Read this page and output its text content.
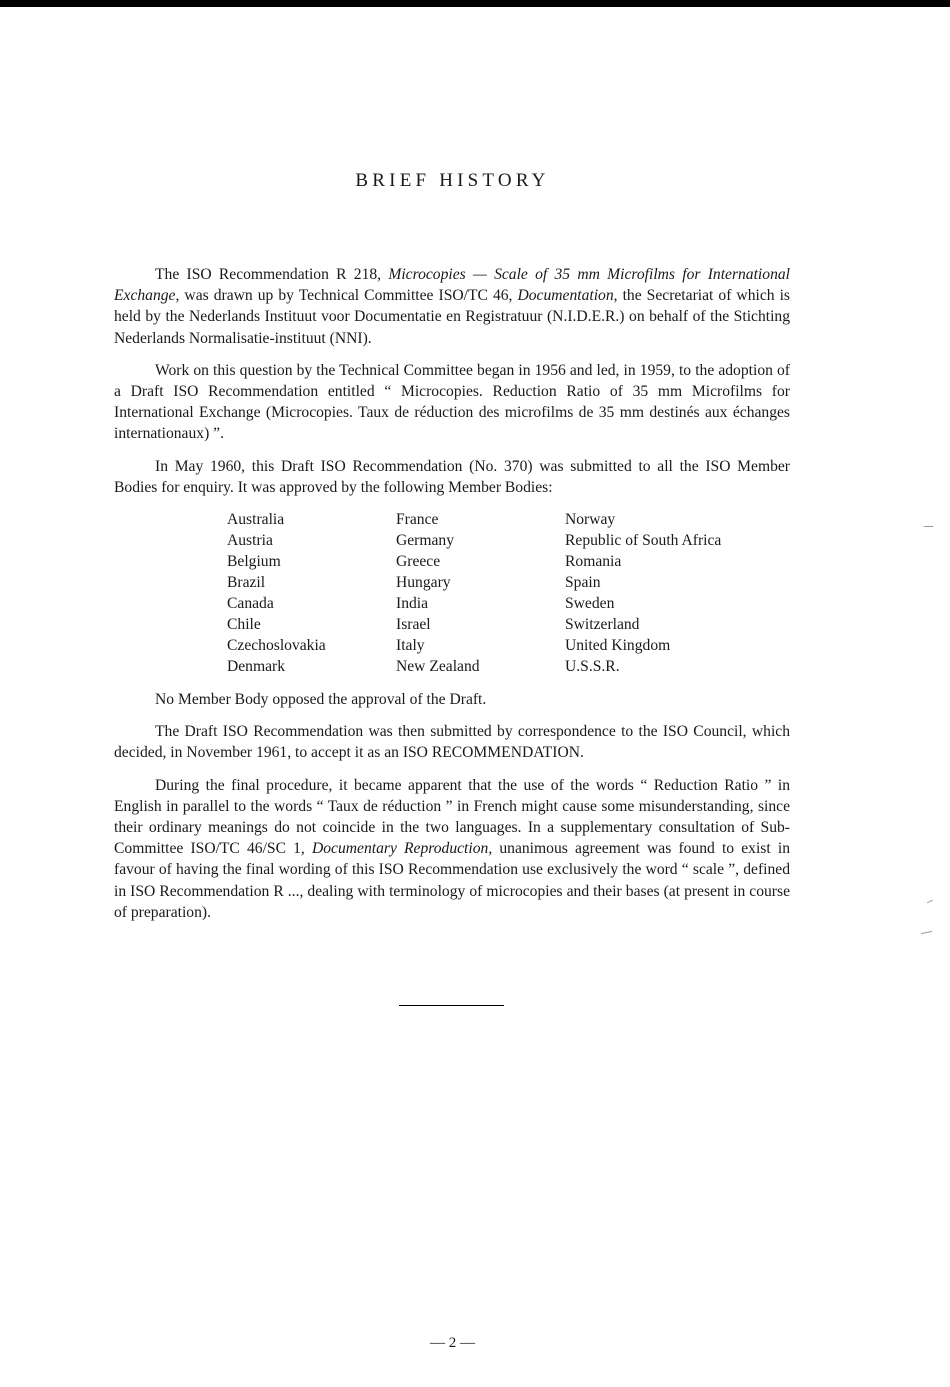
BRIEF HISTORY

The ISO Recommendation R 218, Microcopies — Scale of 35 mm Microfilms for International Exchange, was drawn up by Technical Committee ISO/TC 46, Documentation, the Secretariat of which is held by the Nederlands Instituut voor Documentatie en Registratuur (N.I.D.E.R.) on behalf of the Stichting Nederlands Normalisatie-instituut (NNI).

Work on this question by the Technical Committee began in 1956 and led, in 1959, to the adoption of a Draft ISO Recommendation entitled “ Microcopies. Reduction Ratio of 35 mm Microfilms for International Exchange (Microcopies. Taux de réduction des microfilms de 35 mm destinés aux échanges internationaux) ”.

In May 1960, this Draft ISO Recommendation (No. 370) was submitted to all the ISO Member Bodies for enquiry. It was approved by the following Member Bodies:

Australia	France	Norway
Austria	Germany	Republic of South Africa
Belgium	Greece	Romania
Brazil	Hungary	Spain
Canada	India	Sweden
Chile	Israel	Switzerland
Czechoslovakia	Italy	United Kingdom
Denmark	New Zealand	U.S.S.R.

No Member Body opposed the approval of the Draft.

The Draft ISO Recommendation was then submitted by correspondence to the ISO Council, which decided, in November 1961, to accept it as an ISO RECOMMENDATION.

During the final procedure, it became apparent that the use of the words “ Reduction Ratio ” in English in parallel to the words “ Taux de réduction ” in French might cause some misunderstanding, since their ordinary meanings do not coincide in the two languages. In a supplementary consultation of Sub-Committee ISO/TC 46/SC 1, Documentary Reproduction, unanimous agreement was found to exist in favour of having the final wording of this ISO Recommendation use exclusively the word “ scale ”, defined in ISO Recommendation R ..., dealing with terminology of microcopies and their bases (at present in course of preparation).

— 2 —
